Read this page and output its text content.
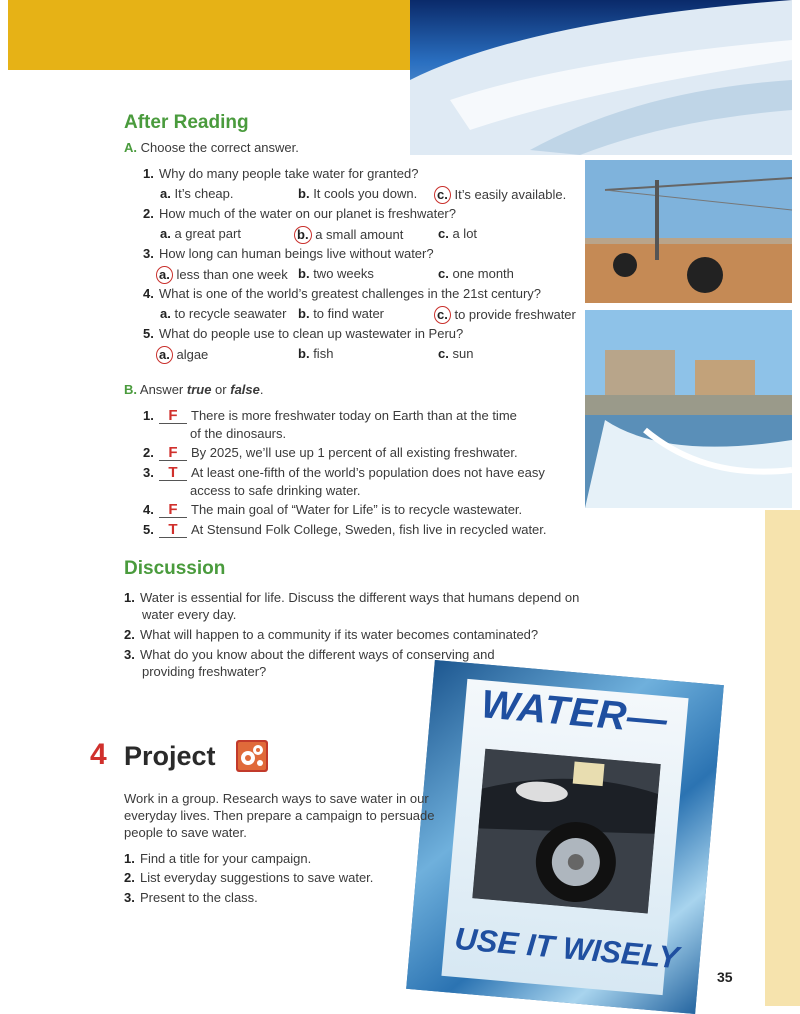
WATER—
USE IT WISELY
After Reading
A. Choose the correct answer.
1. Why do many people take water for granted?
a. It’s cheap.	b. It cools you down. c. It’s easily available.
2. How much of the water on our planet is freshwater?
a. a great part	b. a small amount	c. a lot
3. How long can human beings live without water?
a. less than one week b. two weeks	c. one month
4. What is one of the world’s greatest challenges in the 21st century?
a. to recycle seawater b. to find water	c. to provide freshwater
5. What do people use to clean up wastewater in Peru?
a. algae	b. fish	c. sun
B. Answer true or false.
1. F There is more freshwater today on Earth than at the time
of the dinosaurs.
2. F By 2025, we’ll use up 1 percent of all existing freshwater.
3. T At least one-fifth of the world’s population does not have easy
access to safe drinking water.
4. F The main goal of “Water for Life” is to recycle wastewater.
5. T At Stensund Folk College, Sweden, fish live in recycled water.
Discussion
1. Water is essential for life. Discuss the different ways that humans depend on
water every day.
2. What will happen to a community if its water becomes contaminated?
3. What do you know about the different ways of conserving and
providing freshwater?
4 Project
Work in a group. Research ways to save water in our
everyday lives. Then prepare a campaign to persuade
people to save water.
1. Find a title for your campaign.
2. List everyday suggestions to save water.
3. Present to the class.
35
